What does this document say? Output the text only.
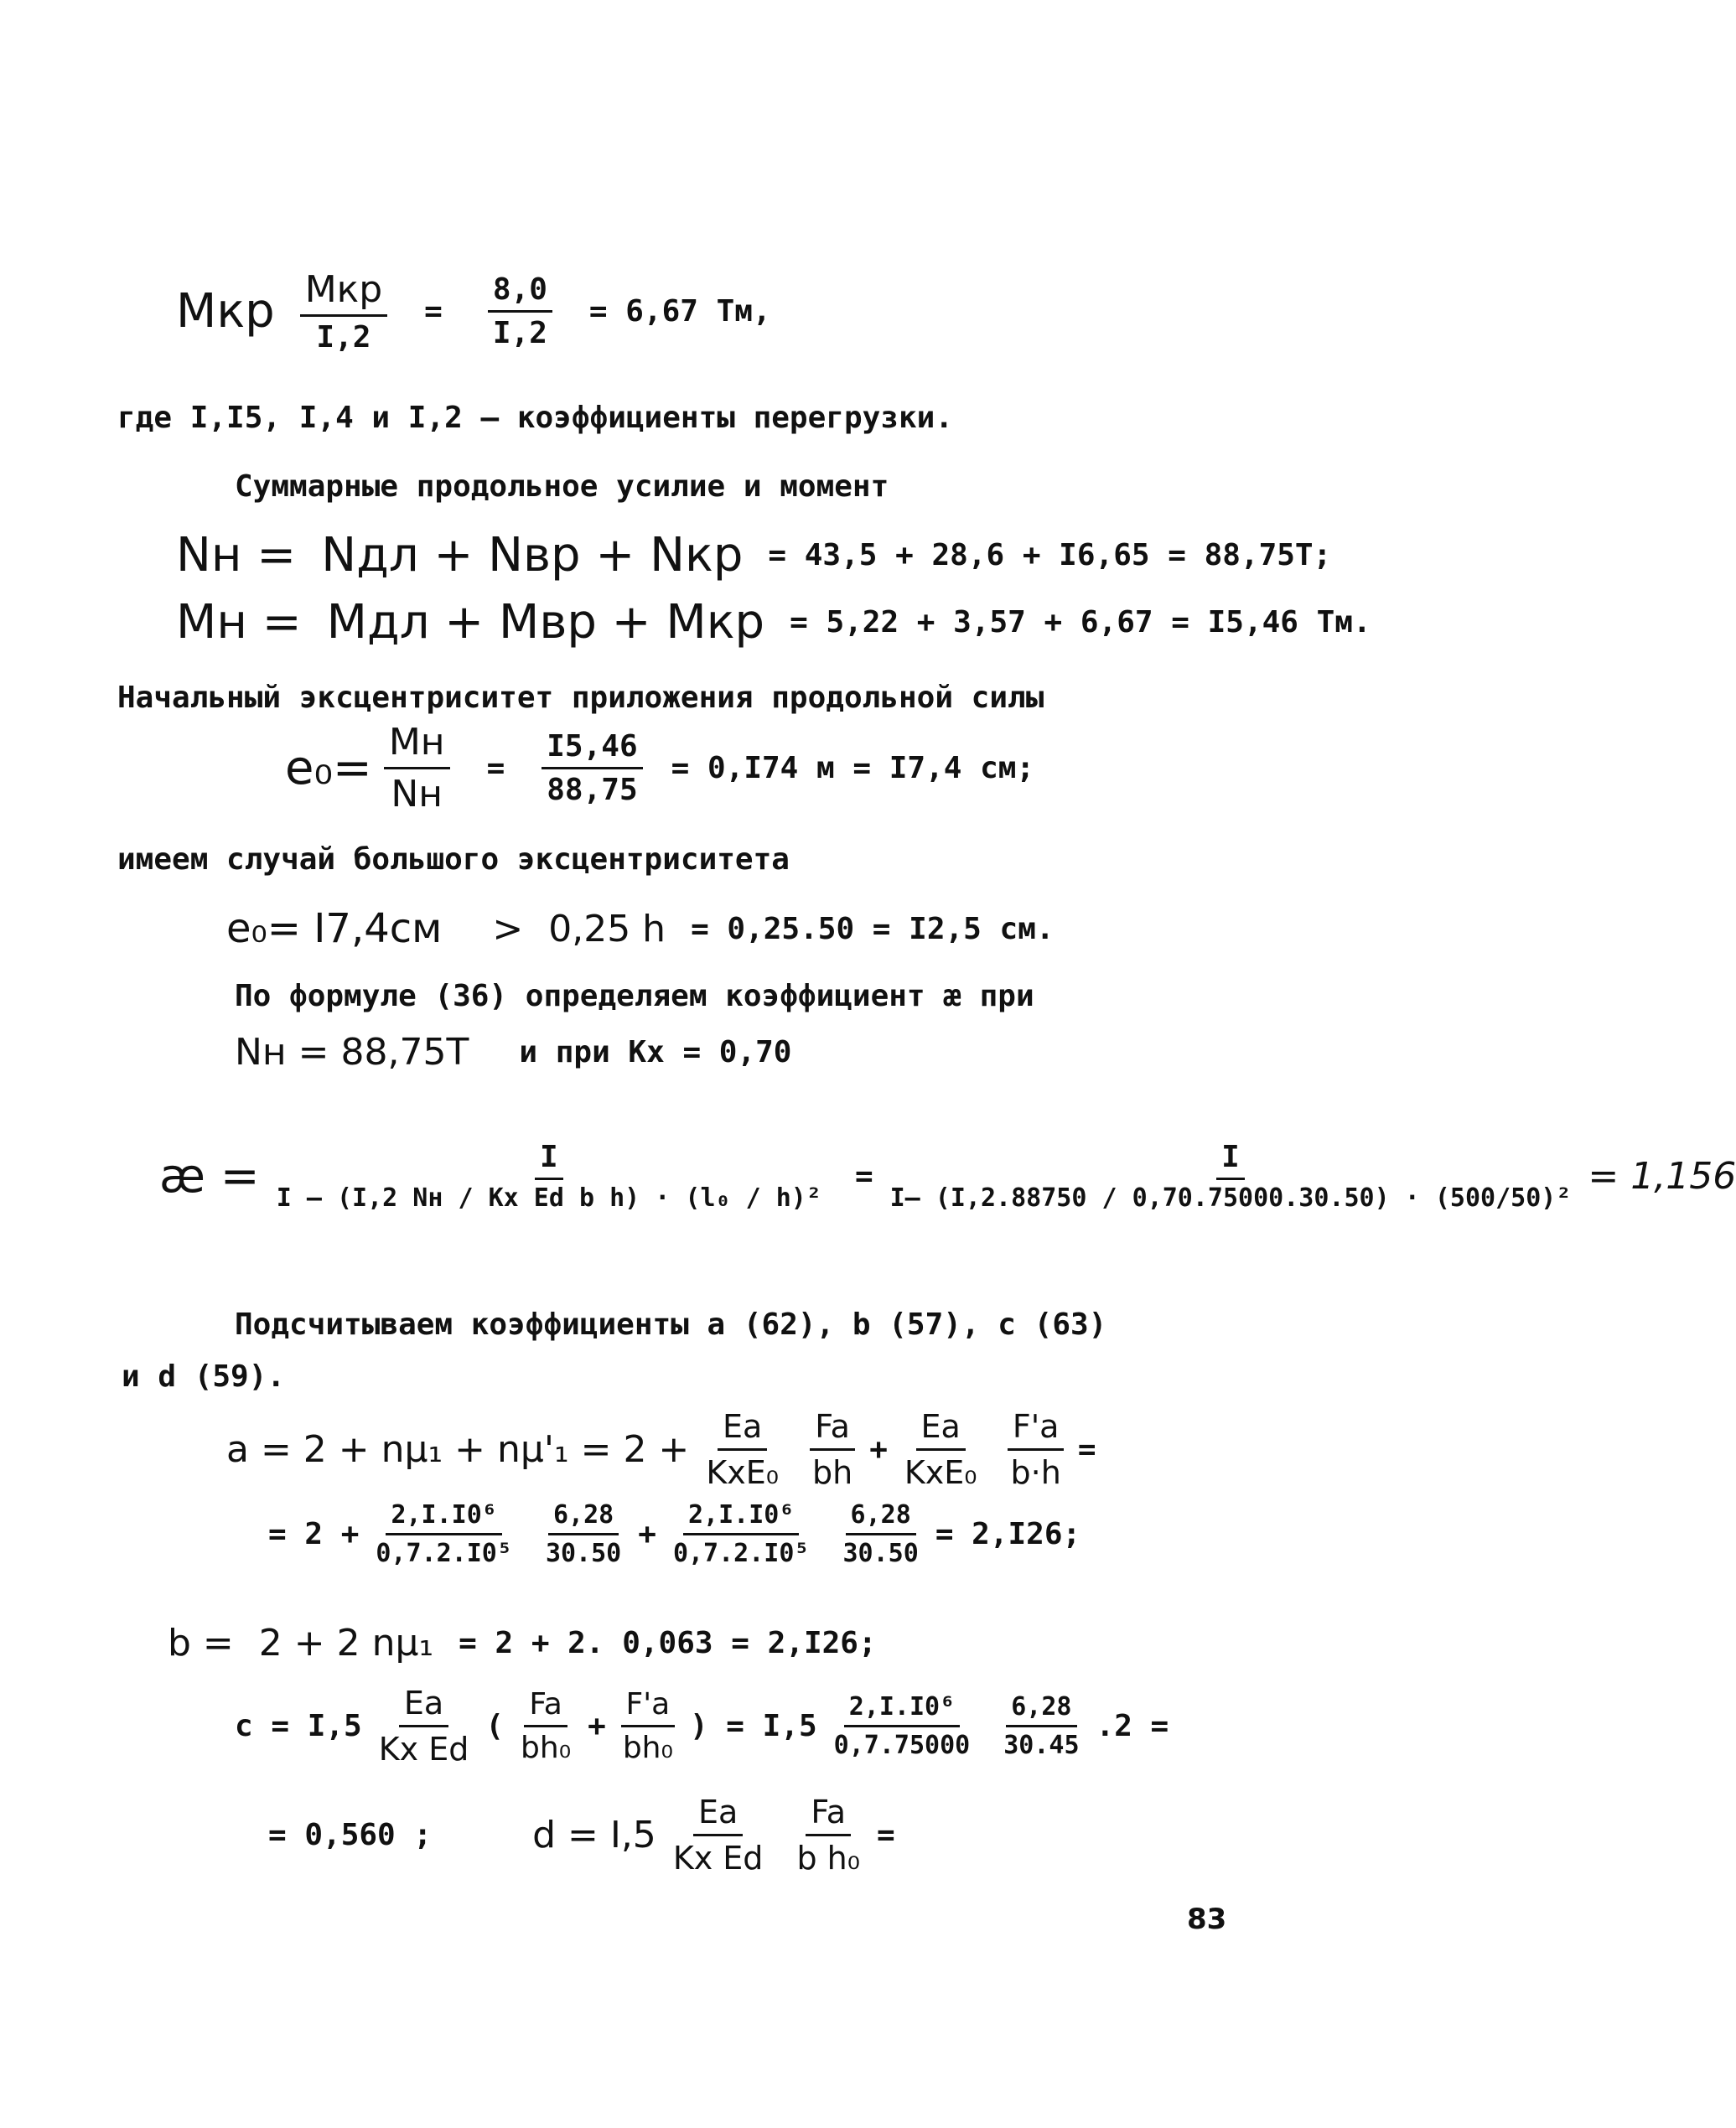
Mкр $\frac{\text{Mкр}}{I,2} = \frac{8,0}{I,2} = 6,67$ Тм,
где I,I5, I,4 и I,2 – коэффициенты перегрузки.
Суммарные продольное усилие и момент
Nн = Nдл + Nвр + Nкр = 43,5 + 28,6 + I6,65 = 88,75Т;
Mн = Mдл + Mвр + Mкр = 5,22 + 3,57 + 6,67 = I5,46 Тм.
Начальный эксцентриситет приложения продольной силы
$e_0= \frac{Mн}{Nн} = \frac{I5,46}{88,75} = 0,I74$ м = I7,4 см;
имеем случай большого эксцентриситета
e₀= I7,4см > 0,25 h = 0,25.50 = I2,5 см.
По формуле (36) определяем коэффициент æ при
Nн = 88,75Т и при Kx = 0,70
æ = $\frac{I}{\text{I – (I,2 Nн / Kx Ed b h) · (l₀ / h)²}} = \frac{I}{\text{I– (I,2.88750 / 0,70.75000.30.50) · (500/50)²}} = 1,156$
Подсчитываем коэффициенты a (62), b (57), c (63)
и d (59).
$a = 2 + n\mu_1 + n\mu'_1 = 2 + \frac{Ea}{\text{KxE₀}} \frac{Fa}{bh} + \frac{Ea}{\text{KxE₀}} \frac{F'a}{b\cdot h}$ =
= $2 + \frac{\text{2,I.I0⁶}}{\text{0,7.2.I0⁵}} \frac{6,28}{30.50} + \frac{\text{2,I.I0⁶}}{\text{0,7.2.I0⁵}} \frac{6,28}{30.50} = 2,I26$;
b = 2 + 2 nμ₁ = 2 + 2. 0,063 = 2,I26;
$c = I,5 \frac{Ea}{\text{Kx Ed}}$ ( $\frac{Fa}{\text{bh₀}} + \frac{F'a}{\text{bh₀}}$ ) = $I,5 \frac{\text{2,I.I0⁶}}{0,7.75000} \frac{6,28}{30.45} .2$ =
= 0,560 ;	$d = I,5 \frac{Ea}{\text{Kx Ed}} \frac{Fa}{\text{b h₀}}$ =
83
